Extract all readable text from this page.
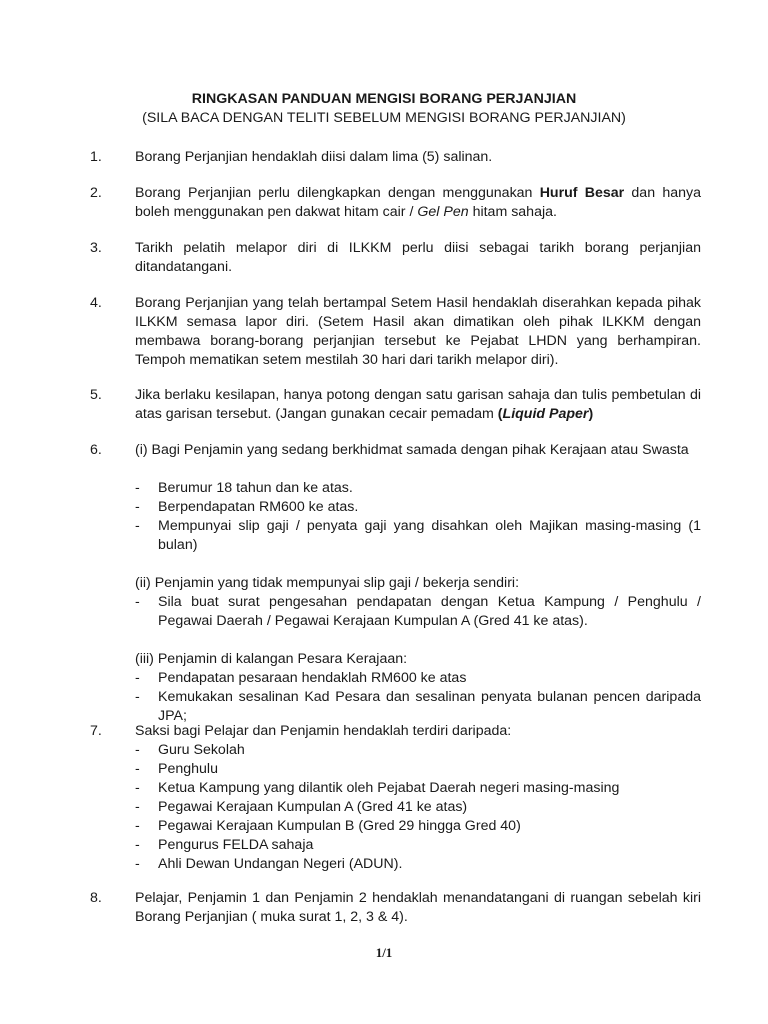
RINGKASAN PANDUAN MENGISI BORANG PERJANJIAN
(SILA BACA DENGAN TELITI SEBELUM MENGISI BORANG PERJANJIAN)
1. Borang Perjanjian hendaklah diisi dalam lima (5) salinan.

2. Borang Perjanjian perlu dilengkapkan dengan menggunakan Huruf Besar dan hanya boleh menggunakan pen dakwat hitam cair / Gel Pen hitam sahaja.

3. Tarikh pelatih melapor diri di ILKKM perlu diisi sebagai tarikh borang perjanjian ditandatangani.

4. Borang Perjanjian yang telah bertampal Setem Hasil hendaklah diserahkan kepada pihak ILKKM semasa lapor diri. (Setem Hasil akan dimatikan oleh pihak ILKKM dengan membawa borang-borang perjanjian tersebut ke Pejabat LHDN yang berhampiran. Tempoh mematikan setem mestilah 30 hari dari tarikh melapor diri).

5. Jika berlaku kesilapan, hanya potong dengan satu garisan sahaja dan tulis pembetulan di atas garisan tersebut. (Jangan gunakan cecair pemadam (Liquid Paper)

6. (i) Bagi Penjamin yang sedang berkhidmat samada dengan pihak Kerajaan atau Swasta

- Berumur 18 tahun dan ke atas.
- Berpendapatan RM600 ke atas.
- Mempunyai slip gaji / penyata gaji yang disahkan oleh Majikan masing-masing (1 bulan)

(ii) Penjamin yang tidak mempunyai slip gaji / bekerja sendiri:

- Sila buat surat pengesahan pendapatan dengan Ketua Kampung / Penghulu / Pegawai Daerah / Pegawai Kerajaan Kumpulan A (Gred 41 ke atas).

(iii) Penjamin di kalangan Pesara Kerajaan:

- Pendapatan pesaraan hendaklah RM600 ke atas
- Kemukakan sesalinan Kad Pesara dan sesalinan penyata bulanan pencen daripada JPA;
7. Saksi bagi Pelajar dan Penjamin hendaklah terdiri daripada:

- Guru Sekolah
- Penghulu
- Ketua Kampung yang dilantik oleh Pejabat Daerah negeri masing-masing
- Pegawai Kerajaan Kumpulan A (Gred 41 ke atas)
- Pegawai Kerajaan Kumpulan B (Gred 29 hingga Gred 40)
- Pengurus FELDA sahaja
- Ahli Dewan Undangan Negeri (ADUN).
8. Pelajar, Penjamin 1 dan Penjamin 2 hendaklah menandatangani di ruangan sebelah kiri Borang Perjanjian ( muka surat 1, 2, 3 & 4).

1/1
